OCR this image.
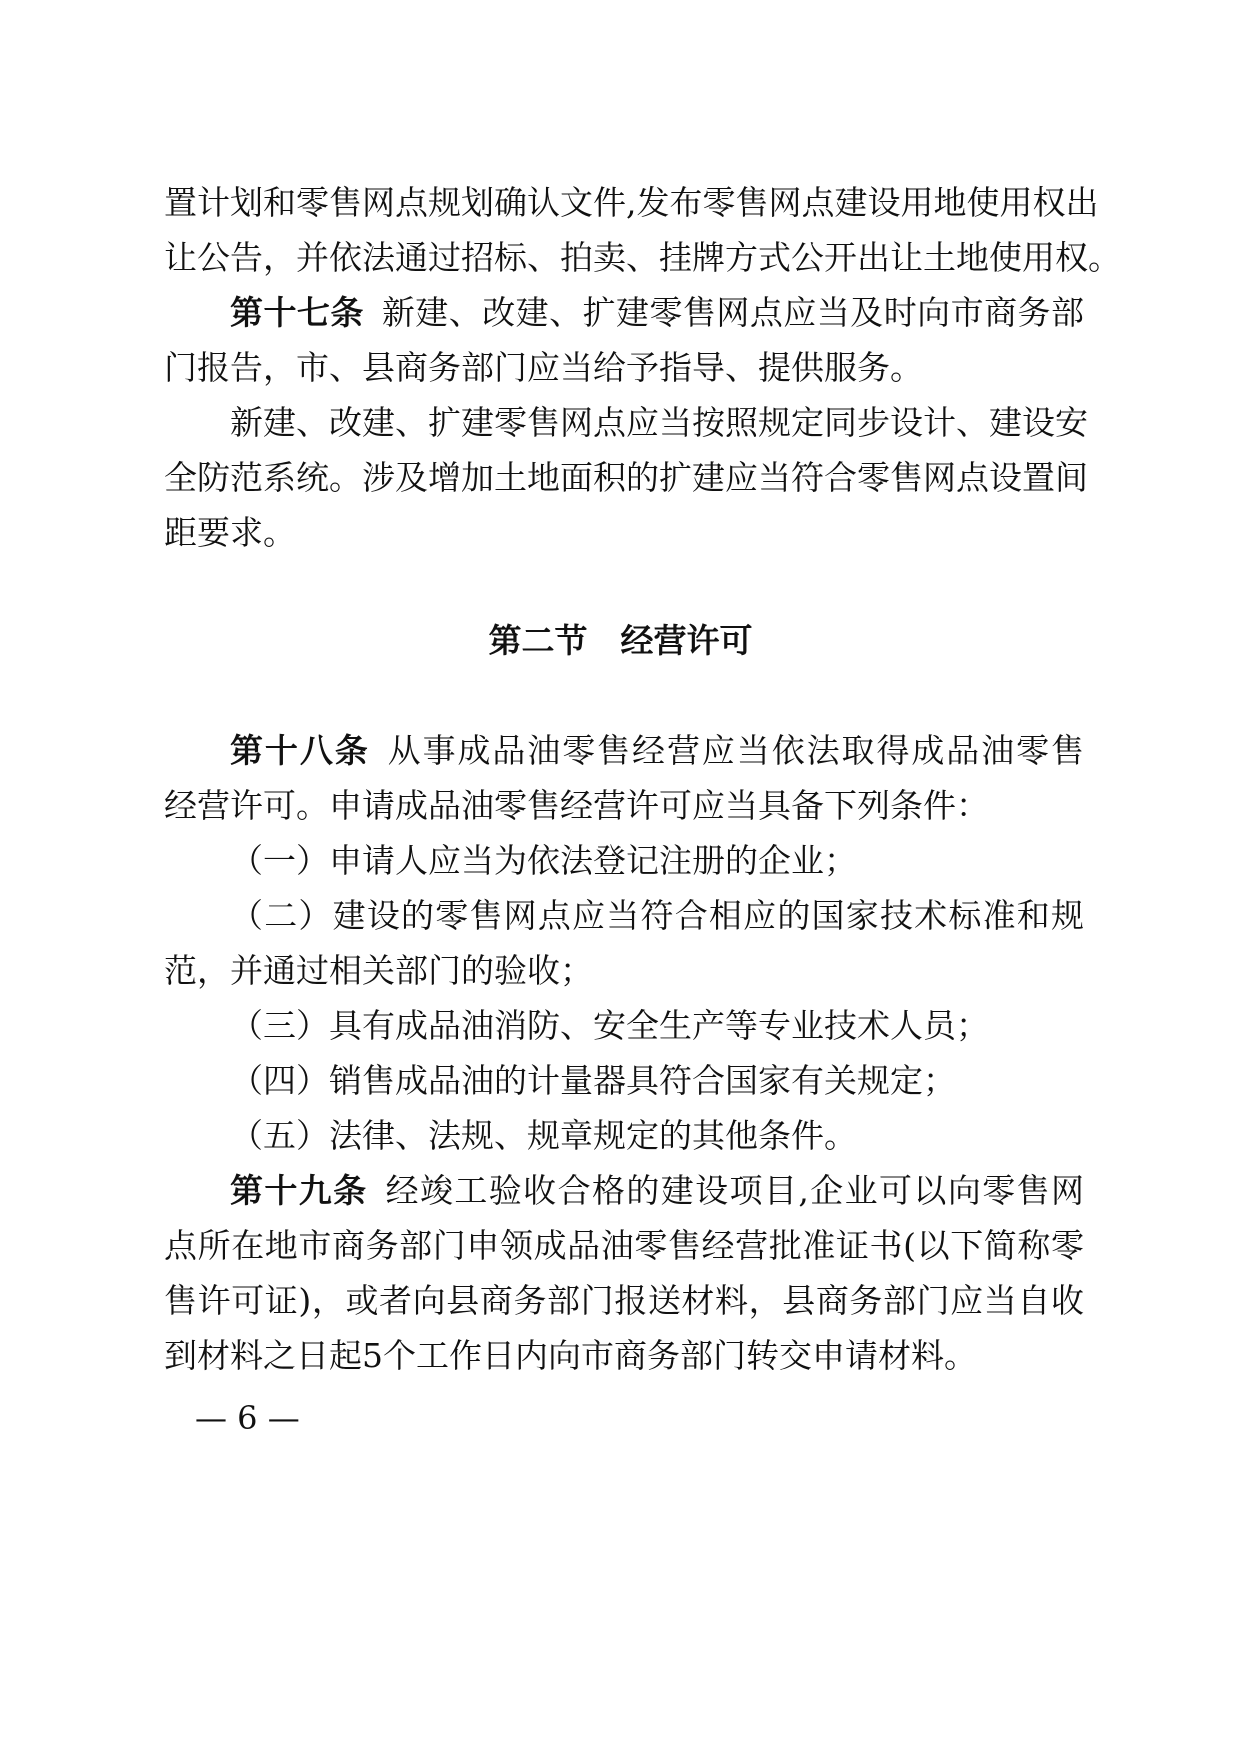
置计划和零售网点规划确认文件,发布零售网点建设用地使用权出
让公告，并依法通过招标、拍卖、挂牌方式公开出让土地使用权。
第十七条 新建、改建、扩建零售网点应当及时向市商务部
门报告，市、县商务部门应当给予指导、提供服务。
新建、改建、扩建零售网点应当按照规定同步设计、建设安
全防范系统。涉及增加土地面积的扩建应当符合零售网点设置间
距要求。
第二节　经营许可
第十八条 从事成品油零售经营应当依法取得成品油零售
经营许可。申请成品油零售经营许可应当具备下列条件：
（一）申请人应当为依法登记注册的企业；
（二）建设的零售网点应当符合相应的国家技术标准和规
范，并通过相关部门的验收；
（三）具有成品油消防、安全生产等专业技术人员；
（四）销售成品油的计量器具符合国家有关规定；
（五）法律、法规、规章规定的其他条件。
第十九条 经竣工验收合格的建设项目,企业可以向零售网
点所在地市商务部门申领成品油零售经营批准证书(以下简称零
售许可证)，或者向县商务部门报送材料，县商务部门应当自收
到材料之日起5个工作日内向市商务部门转交申请材料。
— 6 —
